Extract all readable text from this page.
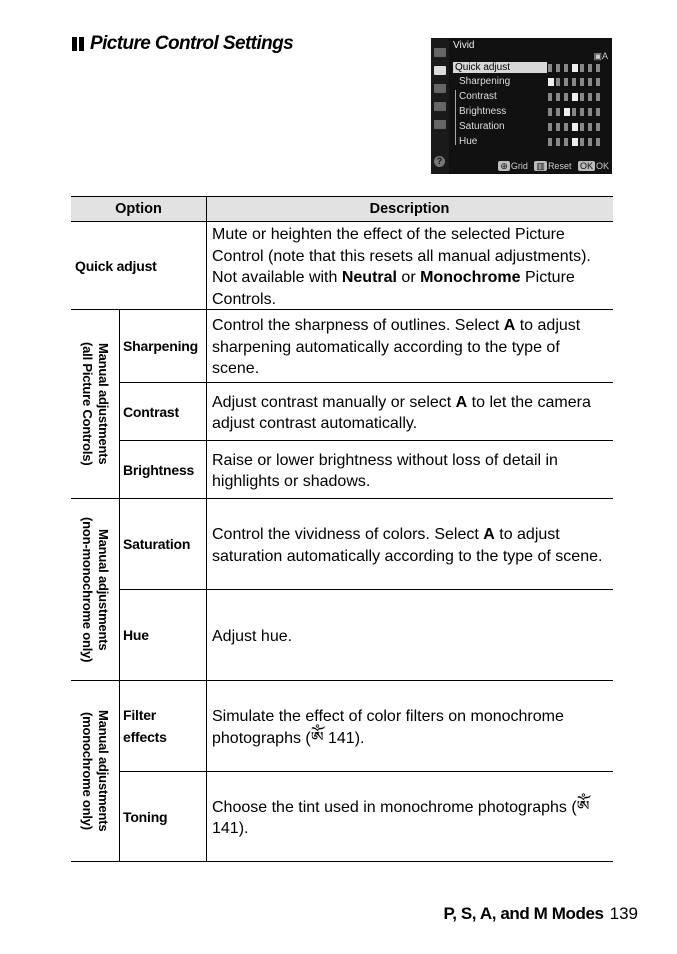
Picture Control Settings
?
Vivid
▣A
Quick adjust
Sharpening
Contrast
Brightness
Saturation
Hue
⊕ Grid ▥ Reset OK OK
Option	Description
Quick adjust
Mute or heighten the effect of the selected Picture Control (note that this resets all manual adjustments). Not available with Neutral or Monochrome Picture Controls.
Manual adjustments
(all Picture Controls)
Sharpening
Control the sharpness of outlines. Select A to adjust sharpening automatically according to the type of scene.
Contrast
Adjust contrast manually or select A to let the camera adjust contrast automatically.
Brightness
Raise or lower brightness without loss of detail in highlights or shadows.
Manual adjustments
(non-monochrome only)
Saturation
Control the vividness of colors. Select A to adjust saturation automatically according to the type of scene.
Hue	Adjust hue.
Manual adjustments
(monochrome only)
Filter
effects
Simulate the effect of color filters on monochrome photographs (ༀ 141).
Toning
Choose the tint used in monochrome photographs (ༀ 141).
P, S, A, and M Modes 139
